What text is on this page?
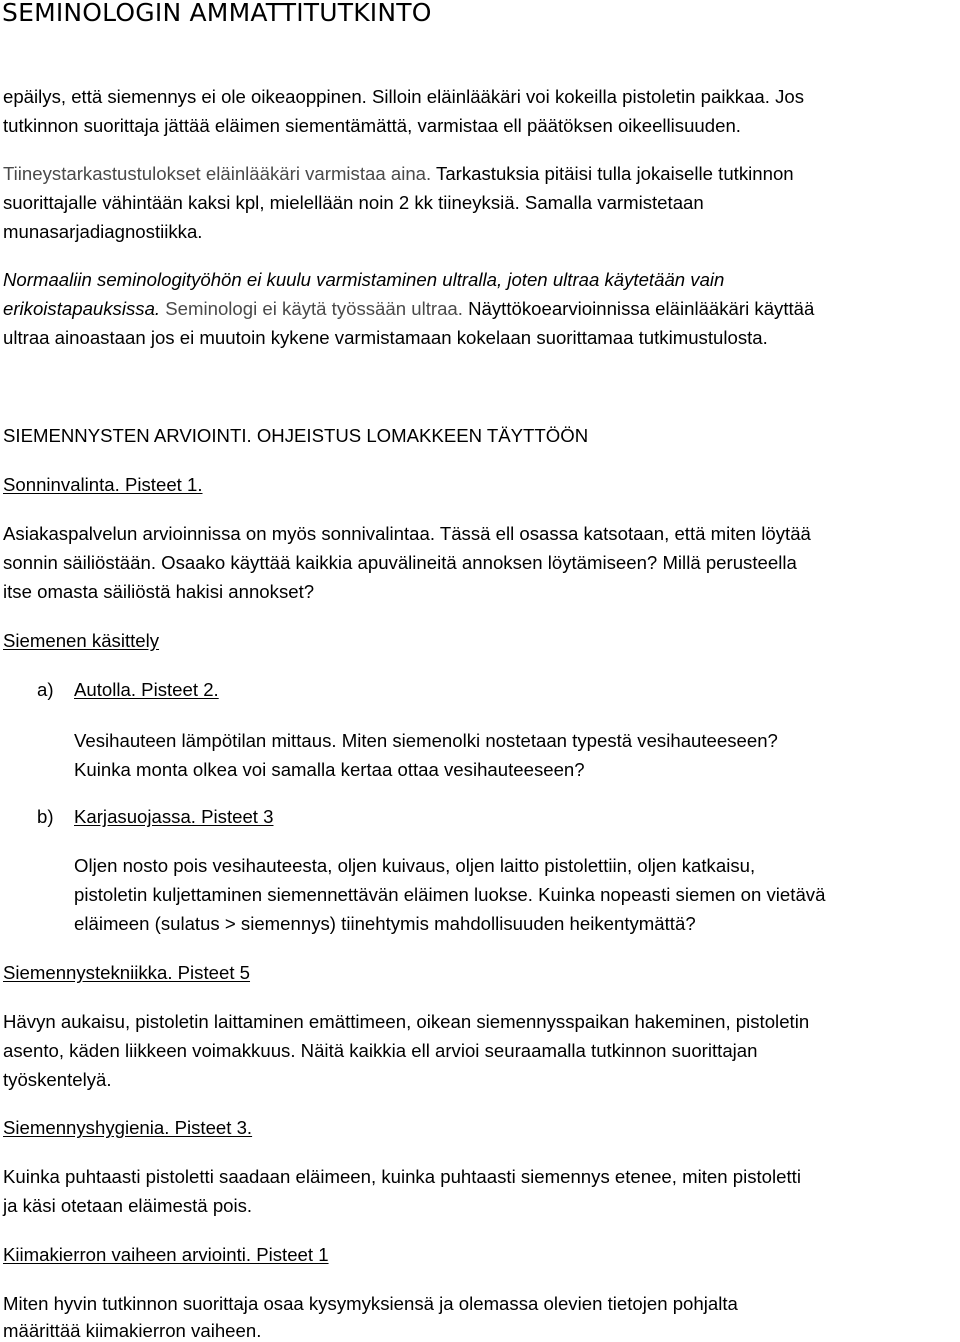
SEMINOLOGIN AMMATTITUTKINTO

epäilys, että siemennys ei ole oikeaoppinen. Silloin eläinlääkäri voi kokeilla pistoletin paikkaa. Jos

tutkinnon suorittaja jättää eläimen siementämättä, varmistaa ell päätöksen oikeellisuuden.

Tiineystarkastustulokset eläinlääkäri varmistaa aina. Tarkastuksia pitäisi tulla jokaiselle tutkinnon

suorittajalle vähintään kaksi kpl, mielellään noin 2 kk tiineyksiä. Samalla varmistetaan

munasarjadiagnostiikka.

Normaaliin seminologityöhön ei kuulu varmistaminen ultralla, joten ultraa käytetään vain

erikoistapauksissa. Seminologi ei käytä työssään ultraa. Näyttökoearvioinnissa eläinlääkäri käyttää

ultraa ainoastaan jos ei muutoin kykene varmistamaan kokelaan suorittamaa tutkimustulosta.

SIEMENNYSTEN ARVIOINTI. OHJEISTUS LOMAKKEEN TÄYTTÖÖN

Sonninvalinta. Pisteet 1.

Asiakaspalvelun arvioinnissa on myös sonnivalintaa. Tässä ell osassa katsotaan, että miten löytää

sonnin säiliöstään. Osaako käyttää kaikkia apuvälineitä annoksen löytämiseen? Millä perusteella

itse omasta säiliöstä hakisi annokset?

Siemenen käsittely

a) Autolla. Pisteet 2.

Vesihauteen lämpötilan mittaus. Miten siemenolki nostetaan typestä vesihauteeseen?

Kuinka monta olkea voi samalla kertaa ottaa vesihauteeseen?

b) Karjasuojassa. Pisteet 3

Oljen nosto pois vesihauteesta, oljen kuivaus, oljen laitto pistolettiin, oljen katkaisu,

pistoletin kuljettaminen siemennettävän eläimen luokse. Kuinka nopeasti siemen on vietävä

eläimeen (sulatus > siemennys) tiinehtymis mahdollisuuden heikentymättä?

Siemennystekniikka. Pisteet 5

Hävyn aukaisu, pistoletin laittaminen emättimeen, oikean siemennysspaikan hakeminen, pistoletin

asento, käden liikkeen voimakkuus. Näitä kaikkia ell arvioi seuraamalla tutkinnon suorittajan

työskentelyä.

Siemennyshygienia. Pisteet 3.

Kuinka puhtaasti pistoletti saadaan eläimeen, kuinka puhtaasti siemennys etenee, miten pistoletti

ja käsi otetaan eläimestä pois.

Kiimakierron vaiheen arviointi. Pisteet 1

Miten hyvin tutkinnon suorittaja osaa kysymyksiensä ja olemassa olevien tietojen pohjalta

määrittää kiimakierron vaiheen.
